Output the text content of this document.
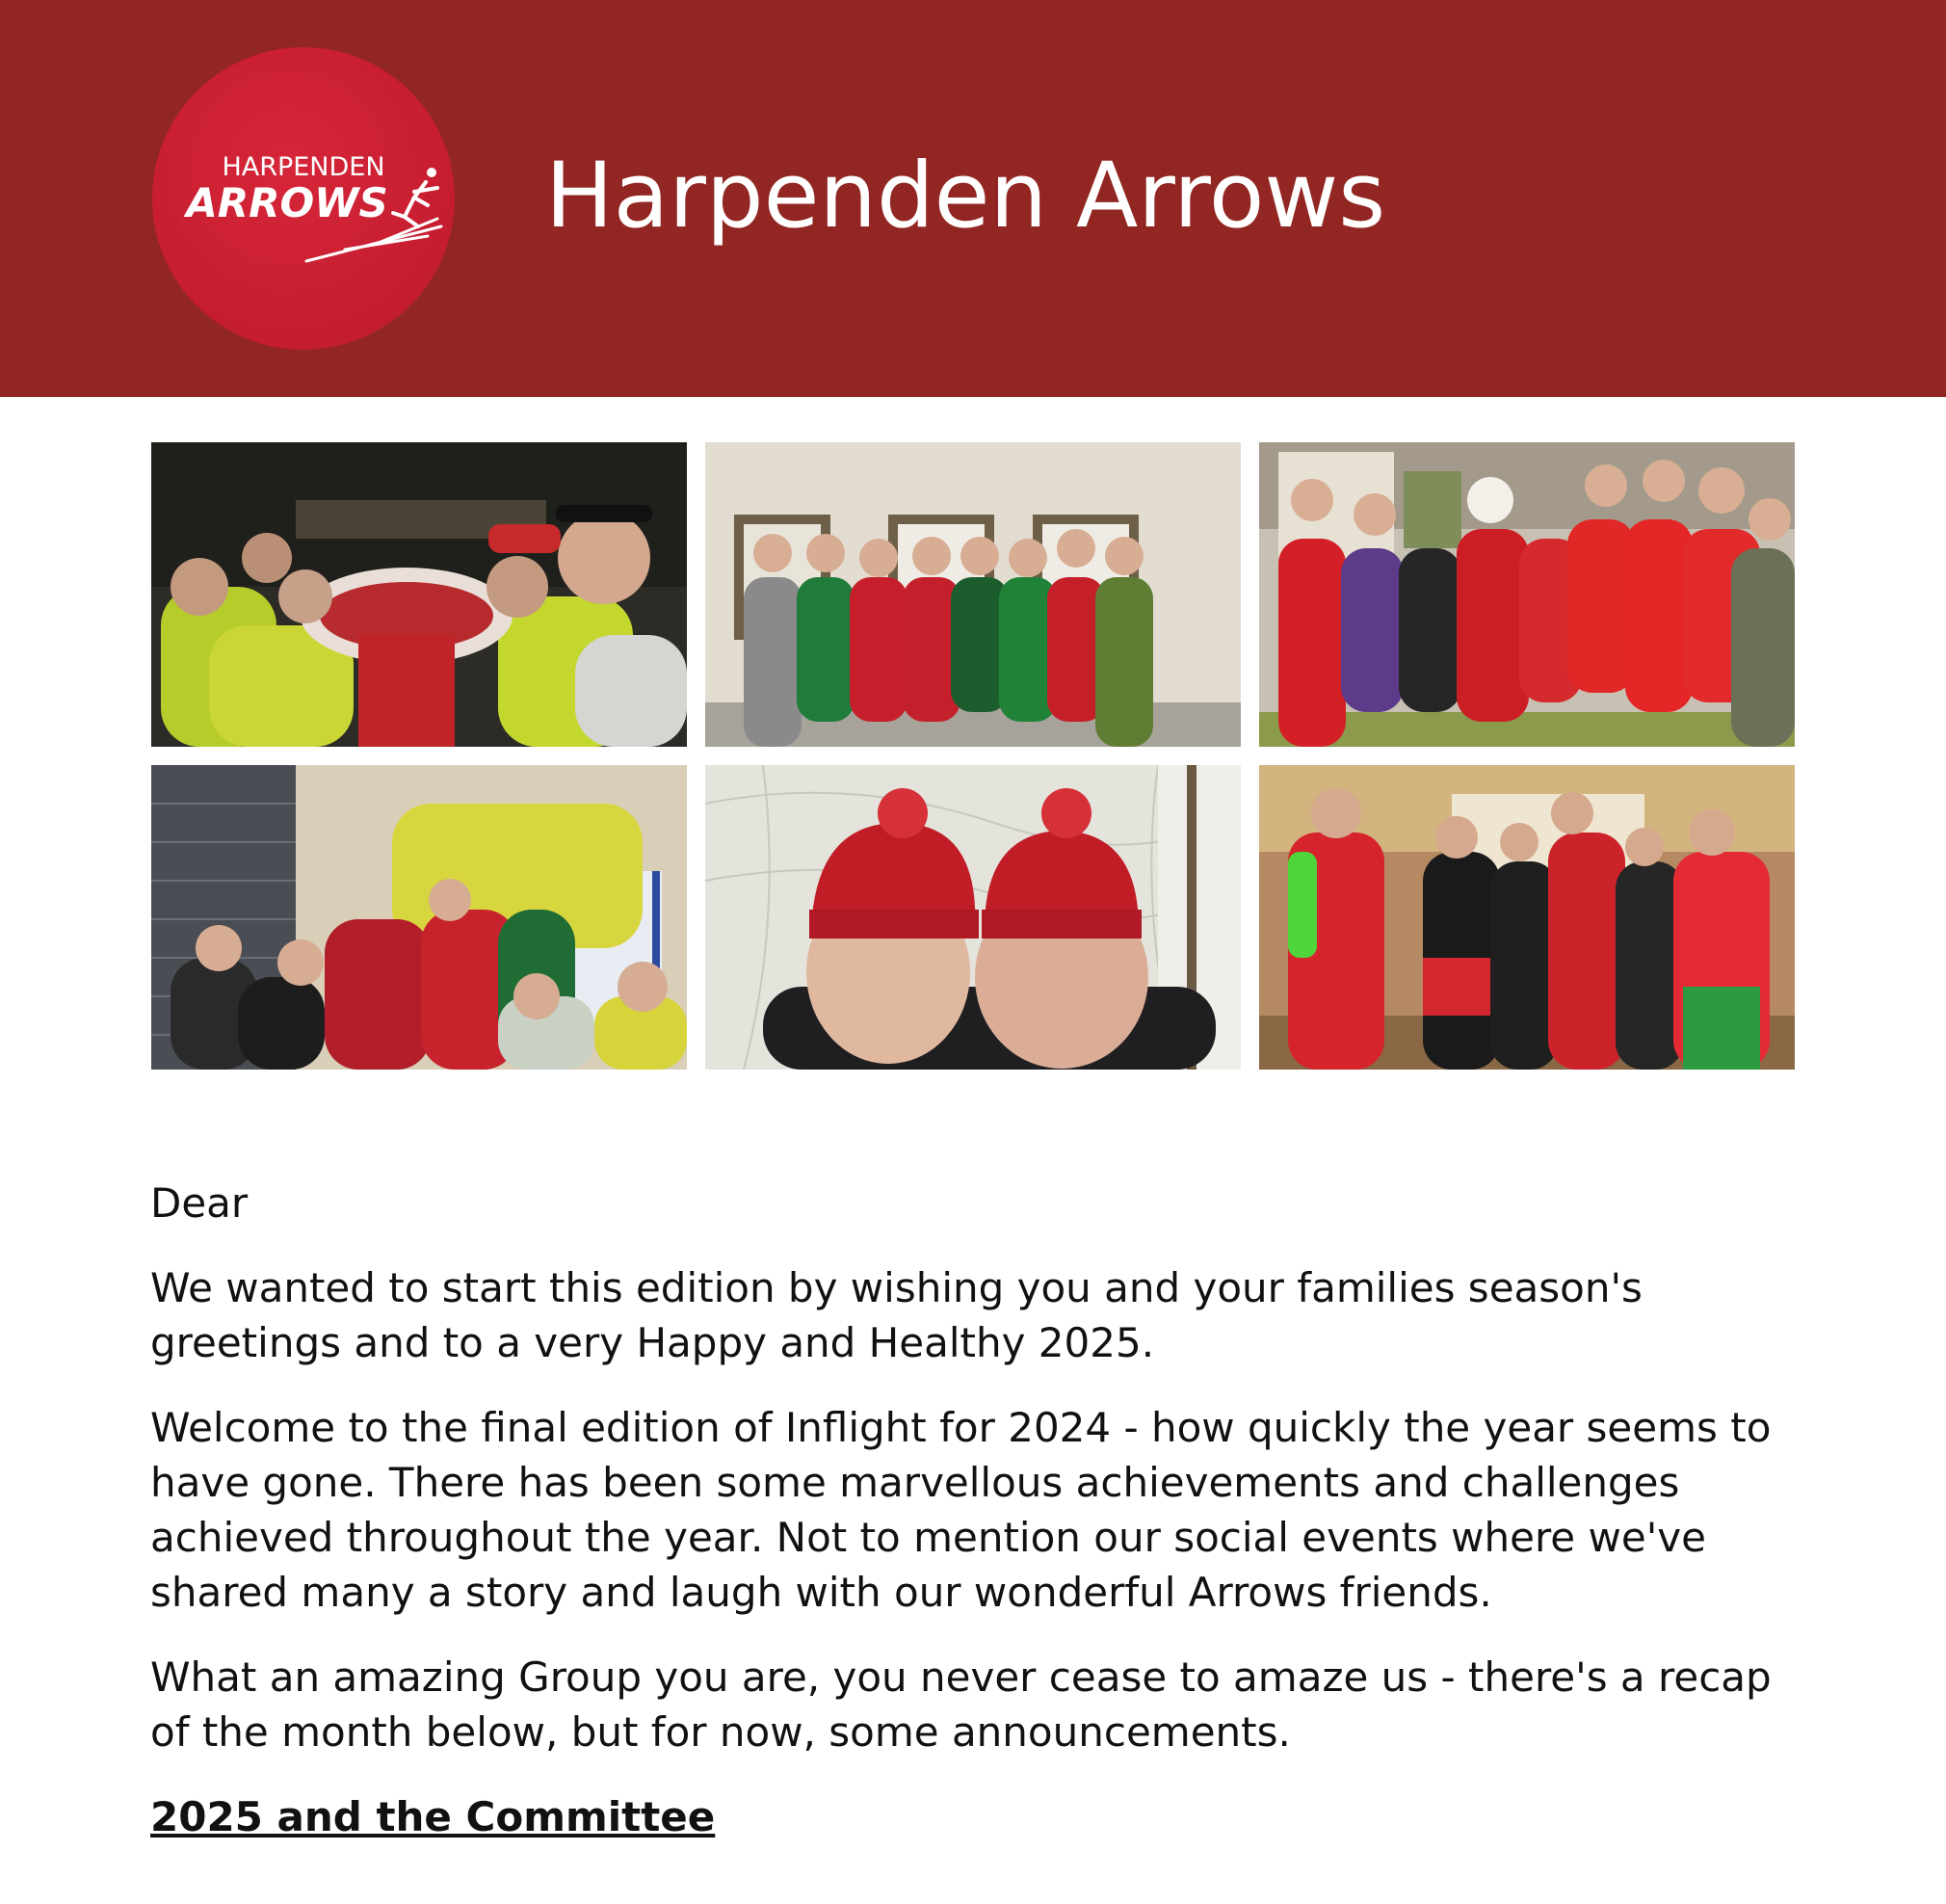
HARPENDEN
ARROWS Harpenden Arrows

Dear

We wanted to start this edition by wishing you and your families season's greetings and to a very Happy and Healthy 2025.

Welcome to the final edition of Inflight for 2024 - how quickly the year seems to have gone. There has been some marvellous achievements and challenges achieved throughout the year. Not to mention our social events where we've shared many a story and laugh with our wonderful Arrows friends.

What an amazing Group you are, you never cease to amaze us - there's a recap of the month below, but for now, some announcements.

2025 and the Committee
